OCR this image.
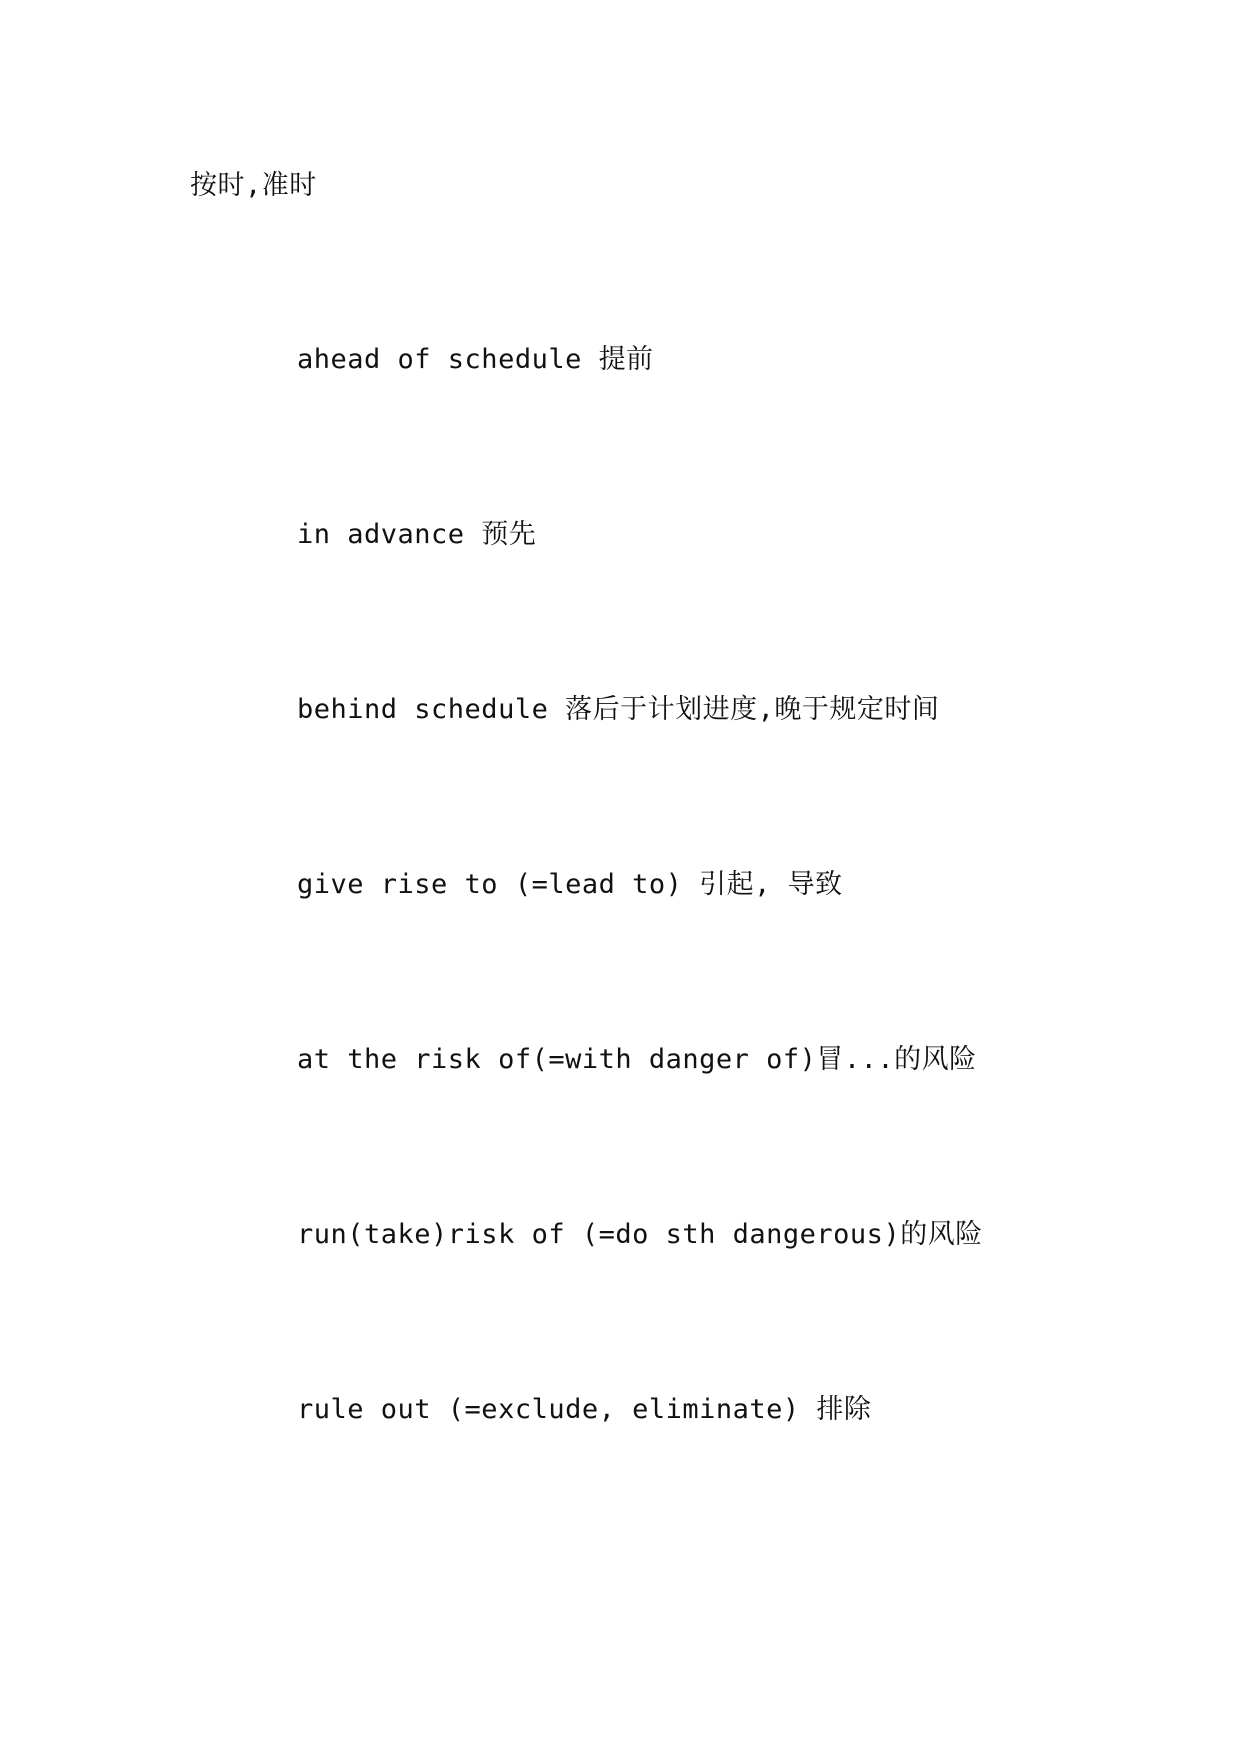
按时,准时
ahead of schedule 提前
in advance 预先
behind schedule 落后于计划进度,晚于规定时间
give rise to (=lead to) 引起, 导致
at the risk of(=with danger of)冒...的风险
run(take)risk of (=do sth dangerous)的风险
rule out (=exclude, eliminate) 排除
